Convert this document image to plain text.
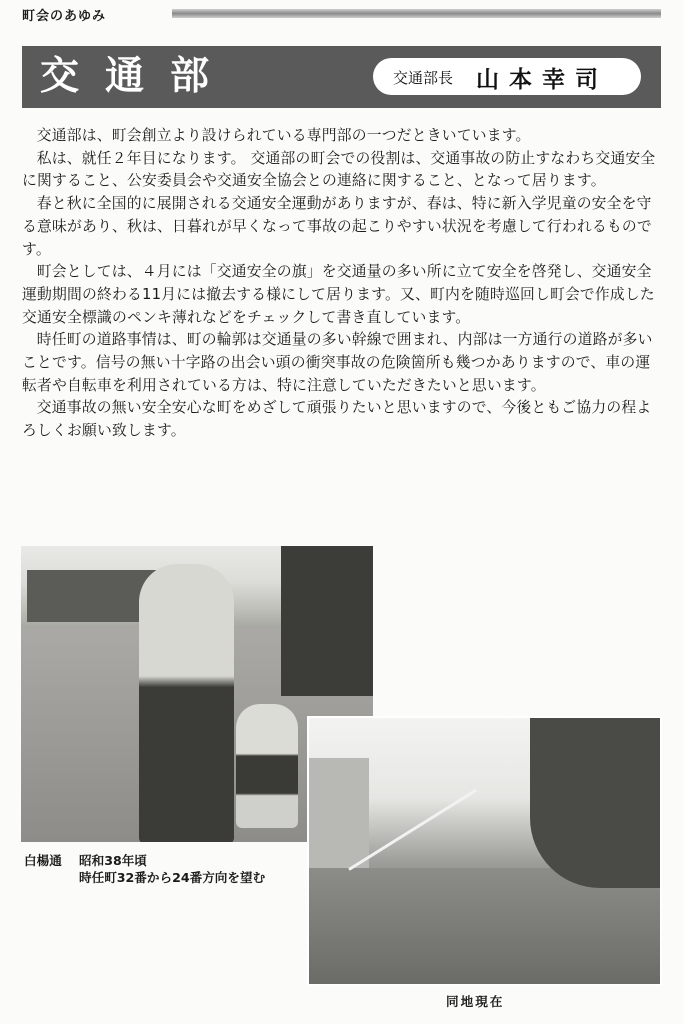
町会のあゆみ
交通部	交通部長 山本幸司

交通部は、町会創立より設けられている専門部の一つだときいています。

私は、就任２年目になります。 交通部の町会での役割は、交通事故の防止すなわち交通安全に関すること、公安委員会や交通安全協会との連絡に関すること、となって居ります。

春と秋に全国的に展開される交通安全運動がありますが、春は、特に新入学児童の安全を守る意味があり、秋は、日暮れが早くなって事故の起こりやすい状況を考慮して行われるものです。

町会としては、４月には「交通安全の旗」を交通量の多い所に立て安全を啓発し、交通安全運動期間の終わる11月には撤去する様にして居ります。又、町内を随時巡回し町会で作成した交通安全標識のペンキ薄れなどをチェックして書き直しています。

時任町の道路事情は、町の輪郭は交通量の多い幹線で囲まれ、内部は一方通行の道路が多いことです。信号の無い十字路の出会い頭の衝突事故の危険箇所も幾つかありますので、車の運転者や自転車を利用されている方は、特に注意していただきたいと思います。

交通事故の無い安全安心な町をめざして頑張りたいと思いますので、今後ともご協力の程よろしくお願い致します。

白楊通 昭和38年頃
時任町32番から24番方向を望む
同地現在
